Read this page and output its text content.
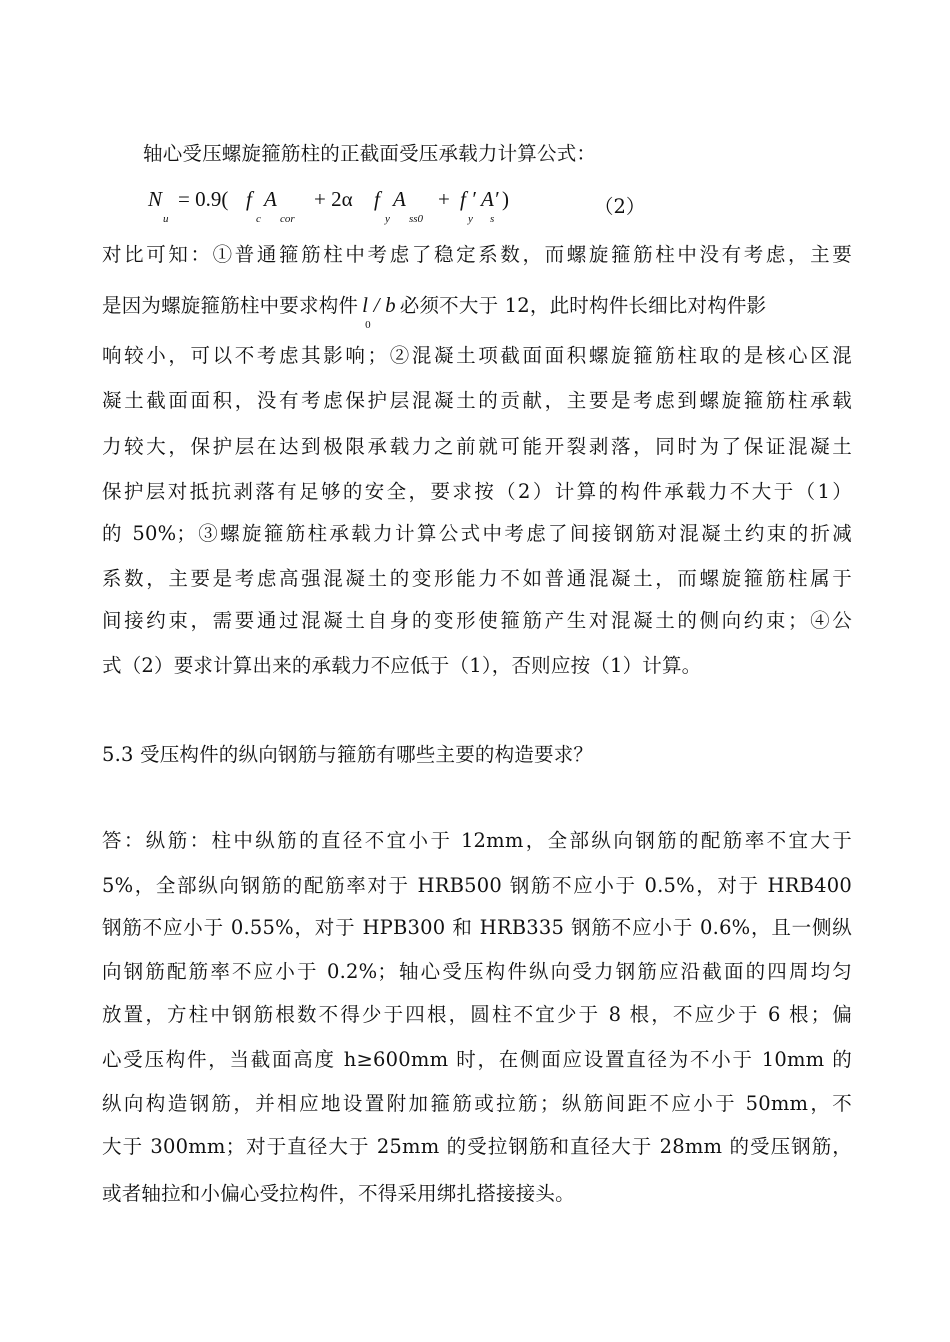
轴心受压螺旋箍筋柱的正截面受压承载力计算公式：
N
u
= 0.9( f
c
A
cor
+ 2α f
y
A
ss0
+ f ′
y
A′
s
)	（2）
对比可知：①普通箍筋柱中考虑了稳定系数，而螺旋箍筋柱中没有考虑，主要
是因为螺旋箍筋柱中要求构件 l / b
0
必须不大于 12，此时构件长细比对构件影
响较小，可以不考虑其影响；②混凝土项截面面积螺旋箍筋柱取的是核心区混
凝土截面面积，没有考虑保护层混凝土的贡献，主要是考虑到螺旋箍筋柱承载
力较大，保护层在达到极限承载力之前就可能开裂剥落，同时为了保证混凝土
保护层对抵抗剥落有足够的安全，要求按（2）计算的构件承载力不大于（1）
的 50%；③螺旋箍筋柱承载力计算公式中考虑了间接钢筋对混凝土约束的折减
系数，主要是考虑高强混凝土的变形能力不如普通混凝土，而螺旋箍筋柱属于
间接约束，需要通过混凝土自身的变形使箍筋产生对混凝土的侧向约束；④公
式（2）要求计算出来的承载力不应低于（1），否则应按（1）计算。
5.3 受压构件的纵向钢筋与箍筋有哪些主要的构造要求？
答：纵筋：柱中纵筋的直径不宜小于 12mm，全部纵向钢筋的配筋率不宜大于
5%，全部纵向钢筋的配筋率对于 HRB500 钢筋不应小于 0.5%，对于 HRB400
钢筋不应小于 0.55%，对于 HPB300 和 HRB335 钢筋不应小于 0.6%，且一侧纵
向钢筋配筋率不应小于 0.2%；轴心受压构件纵向受力钢筋应沿截面的四周均匀
放置，方柱中钢筋根数不得少于四根，圆柱不宜少于 8 根，不应少于 6 根；偏
心受压构件，当截面高度 h≥600mm 时，在侧面应设置直径为不小于 10mm 的
纵向构造钢筋，并相应地设置附加箍筋或拉筋；纵筋间距不应小于 50mm，不
大于 300mm；对于直径大于 25mm 的受拉钢筋和直径大于 28mm 的受压钢筋，
或者轴拉和小偏心受拉构件，不得采用绑扎搭接接头。
